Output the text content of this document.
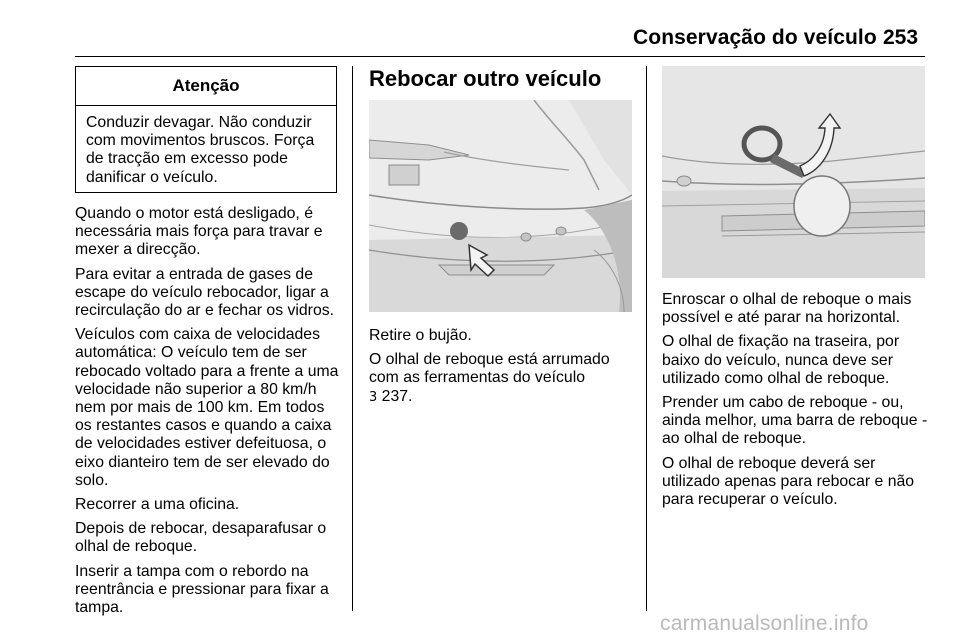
Conservação do veículo 253
Atenção
Conduzir devagar. Não conduzir com movimentos bruscos. Força de tracção em excesso pode danificar o veículo.

Quando o motor está desligado, é necessária mais força para travar e mexer a direcção.

Para evitar a entrada de gases de escape do veículo rebocador, ligar a recirculação do ar e fechar os vidros.

Veículos com caixa de velocidades automática: O veículo tem de ser rebocado voltado para a frente a uma velocidade não superior a 80 km/h nem por mais de 100 km. Em todos os restantes casos e quando a caixa de velocidades estiver defeituosa, o eixo dianteiro tem de ser elevado do solo.

Recorrer a uma oficina.

Depois de rebocar, desaparafusar o olhal de reboque.

Inserir a tampa com o rebordo na reentrância e pressionar para fixar a tampa.

Rebocar outro veículo

Retire o bujão.

O olhal de reboque está arrumado com as ferramentas do veículo
3 237.

Enroscar o olhal de reboque o mais possível e até parar na horizontal.

O olhal de fixação na traseira, por baixo do veículo, nunca deve ser utilizado como olhal de reboque.

Prender um cabo de reboque - ou, ainda melhor, uma barra de reboque - ao olhal de reboque.

O olhal de reboque deverá ser utilizado apenas para rebocar e não para recuperar o veículo.

carmanualsonline.info
